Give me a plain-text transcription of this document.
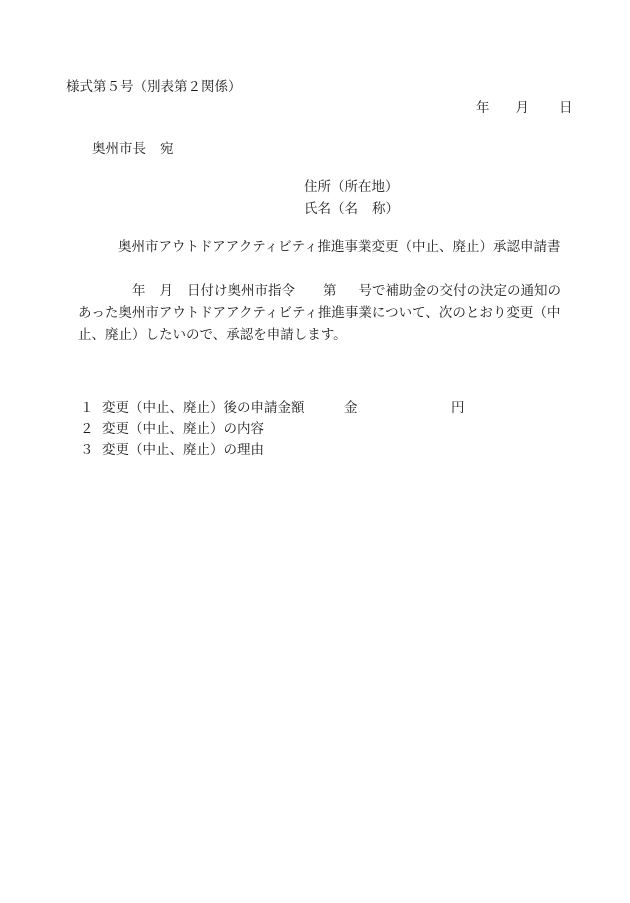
様式第５号（別表第２関係）
年 月 日
奥州市長 宛
住所（所在地）
氏名（名 称）
奥州市アウトドアアクティビティ推進事業変更（中止、廃止）承認申請書
年 月 日付け奥州市指令 第 号で補助金の交付の決定の通知の
あった奥州市アウトドアアクティビティ推進事業について、次のとおり変更（中
止、廃止）したいので、承認を申請します。
１ 変更（中止、廃止）後の申請金額	金	円
２ 変更（中止、廃止）の内容
３ 変更（中止、廃止）の理由
